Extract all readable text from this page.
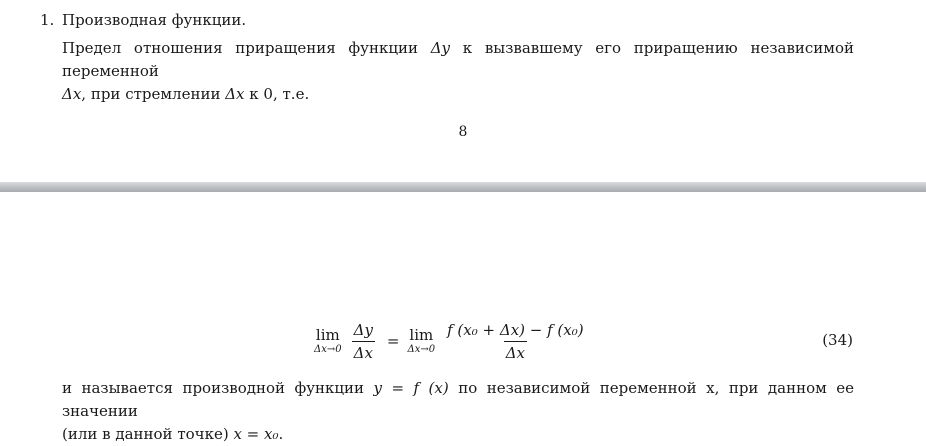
1. Производная функции.
Предел отношения приращения функции Δy к вызвавшему его приращению независимой переменной
Δx, при стремлении Δx к 0, т.е.
8
lim
$\Delta x\to 0 \frac{\Delta y}{\Delta x} = \lim$
$\Delta x\to 0 \frac{\text{f (x₀ + Δx) − f (x₀)}}{\Delta x}$	(34)
и называется производной функции y = f (x) по независимой переменной x, при данном ее значении
(или в данной точке) x = x₀.
